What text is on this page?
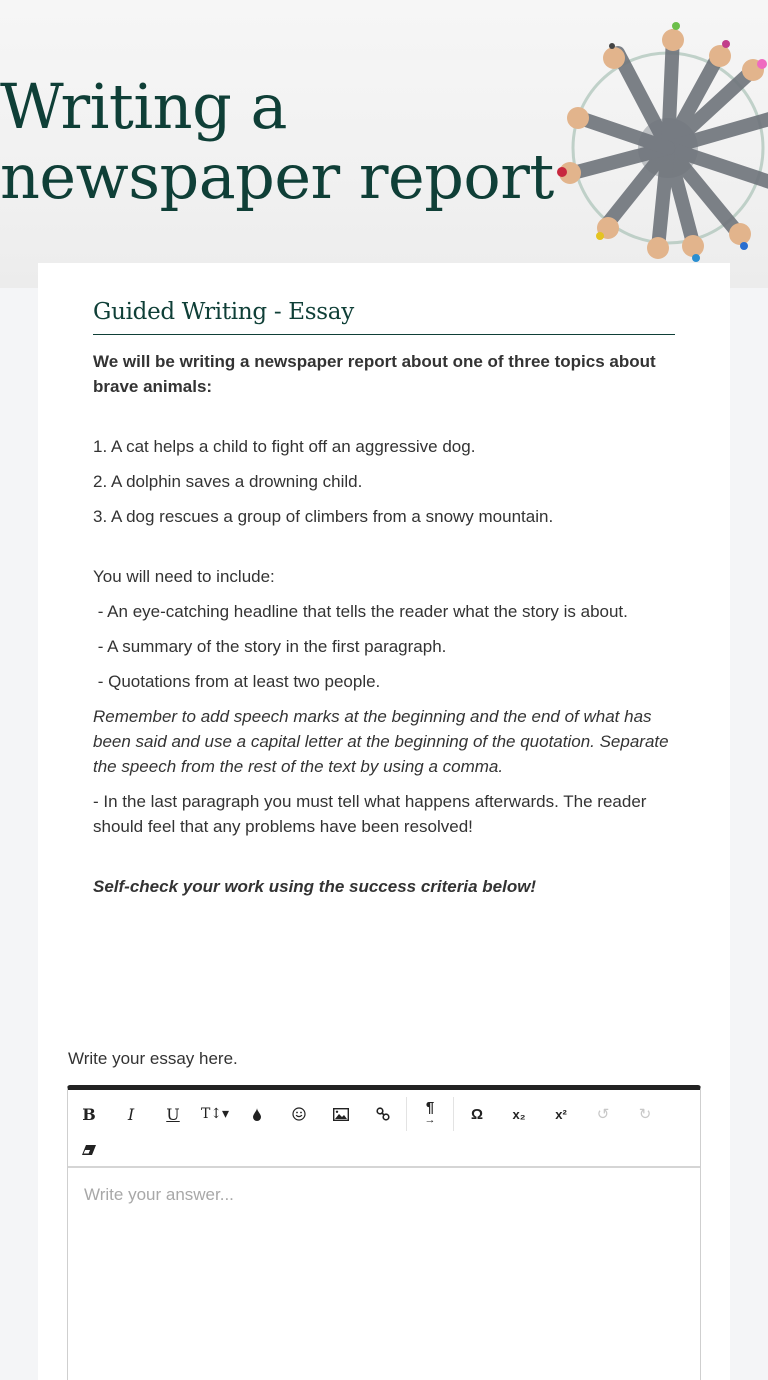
Writing a newspaper report
Guided Writing - Essay

We will be writing a newspaper report about one of three topics about brave animals:

1. A cat helps a child to fight off an aggressive dog.

2. A dolphin saves a drowning child.

3. A dog rescues a group of climbers from a snowy mountain.

You will need to include:

- An eye-catching headline that tells the reader what the story is about.

- A summary of the story in the first paragraph.

- Quotations from at least two people.

Remember to add speech marks at the beginning and the end of what has been said and use a capital letter at the beginning of the quotation. Separate the speech from the rest of the text by using a comma.

- In the last paragraph you must tell what happens afterwards. The reader     should feel that any problems have been resolved!

Self-check your work using the success criteria below!

Write your essay here.
B I U T↕▾	¶
→ Ω x₂ x² ↺ ↻
Write your answer...
